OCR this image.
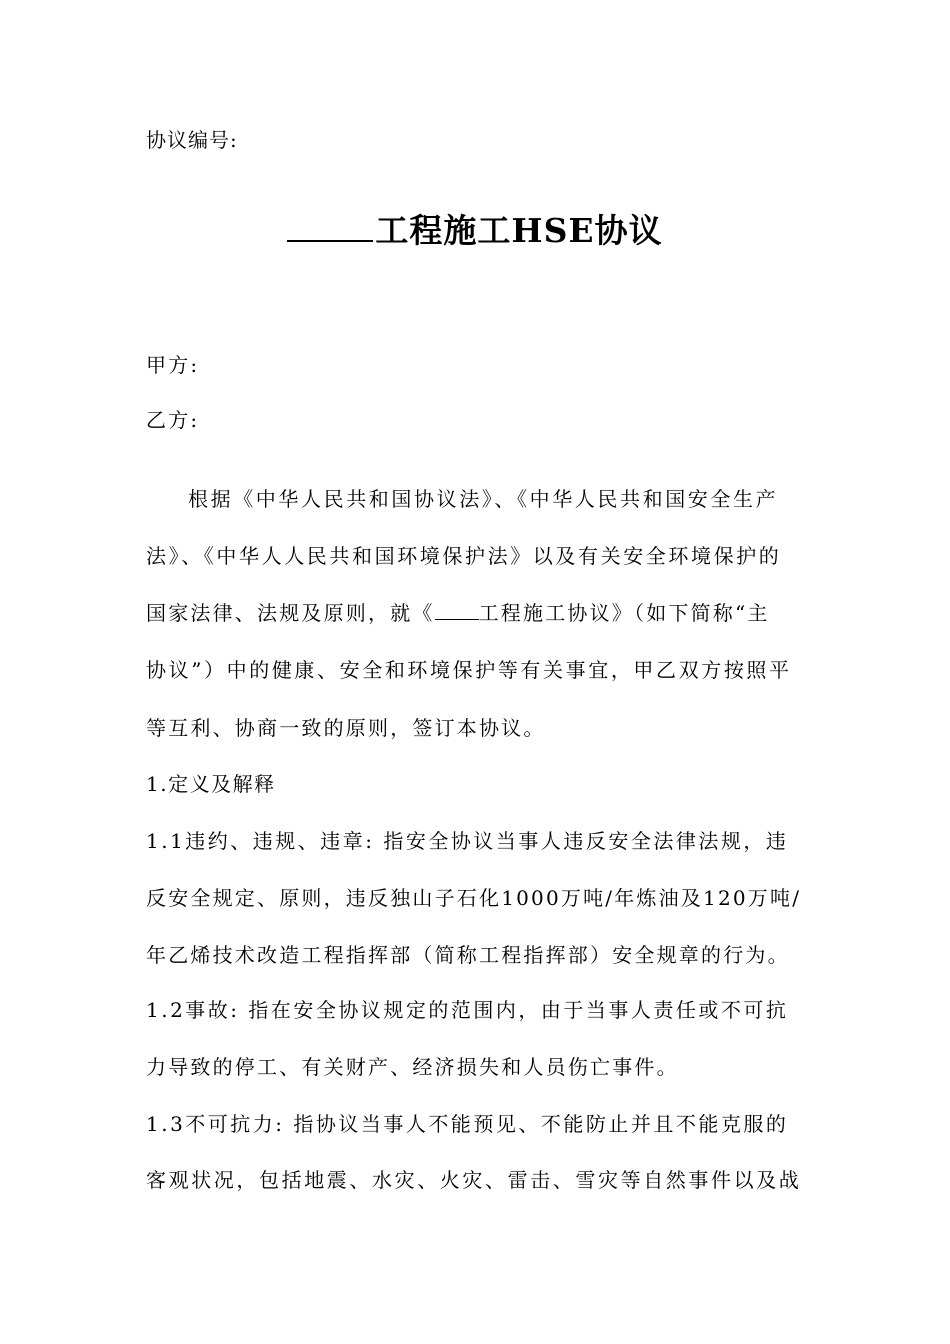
协议编号:
工程施工HSE协议
甲方:
乙方:
根据《中华人民共和国协议法》、《中华人民共和国安全生产
法》、《中华人人民共和国环境保护法》以及有关安全环境保护的
国家法律、法规及原则，就《 工程施工协议》（如下简称“主
协议”）中的健康、安全和环境保护等有关事宜，甲乙双方按照平
等互利、协商一致的原则，签订本协议。
1.定义及解释
1.1违约、违规、违章: 指安全协议当事人违反安全法律法规，违
反安全规定、原则，违反独山子石化1000万吨/年炼油及120万吨/
年乙烯技术改造工程指挥部（简称工程指挥部）安全规章的行为。
1.2事故: 指在安全协议规定的范围内，由于当事人责任或不可抗
力导致的停工、有关财产、经济损失和人员伤亡事件。
1.3不可抗力: 指协议当事人不能预见、不能防止并且不能克服的
客观状况，包括地震、水灾、火灾、雷击、雪灾等自然事件以及战
